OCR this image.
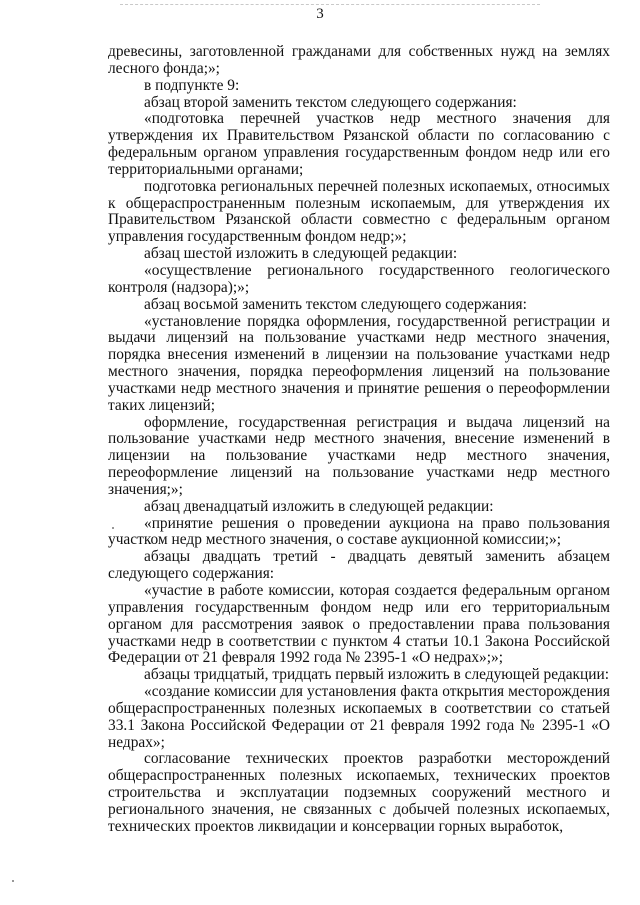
3

древесины, заготовленной гражданами для собственных нужд на землях лесного фонда;»;

в подпункте 9:

абзац второй заменить текстом следующего содержания:

«подготовка перечней участков недр местного значения для утверждения их Правительством Рязанской области по согласованию с федеральным органом управления государственным фондом недр или его территориальными органами;

подготовка региональных перечней полезных ископаемых, относимых к общераспространенным полезным ископаемым, для утверждения их Правительством Рязанской области совместно с федеральным органом управления государственным фондом недр;»;

абзац шестой изложить в следующей редакции:

«осуществление регионального государственного геологического контроля (надзора);»;

абзац восьмой заменить текстом следующего содержания:

«установление порядка оформления, государственной регистрации и выдачи лицензий на пользование участками недр местного значения, порядка внесения изменений в лицензии на пользование участками недр местного значения, порядка переоформления лицензий на пользование участками недр местного значения и принятие решения о переоформлении таких лицензий;

оформление, государственная регистрация и выдача лицензий на пользование участками недр местного значения, внесение изменений в лицензии на пользование участками недр местного значения, переоформление лицензий на пользование участками недр местного значения;»;

абзац двенадцатый изложить в следующей редакции:

«принятие решения о проведении аукциона на право пользования участком недр местного значения, о составе аукционной комиссии;»;

абзацы двадцать третий - двадцать девятый заменить абзацем следующего содержания:

«участие в работе комиссии, которая создается федеральным органом управления государственным фондом недр или его территориальным органом для рассмотрения заявок о предоставлении права пользования участками недр в соответствии с пунктом 4 статьи 10.1 Закона Российской Федерации от 21 февраля 1992 года № 2395-1 «О недрах»;»;

абзацы тридцатый, тридцать первый изложить в следующей редакции:

«создание комиссии для установления факта открытия месторождения общераспространенных полезных ископаемых в соответствии со статьей 33.1 Закона Российской Федерации от 21 февраля 1992 года № 2395-1 «О недрах»;

согласование технических проектов разработки месторождений общераспространенных полезных ископаемых, технических проектов строительства и эксплуатации подземных сооружений местного и регионального значения, не связанных с добычей полезных ископаемых, технических проектов ликвидации и консервации горных выработок,
